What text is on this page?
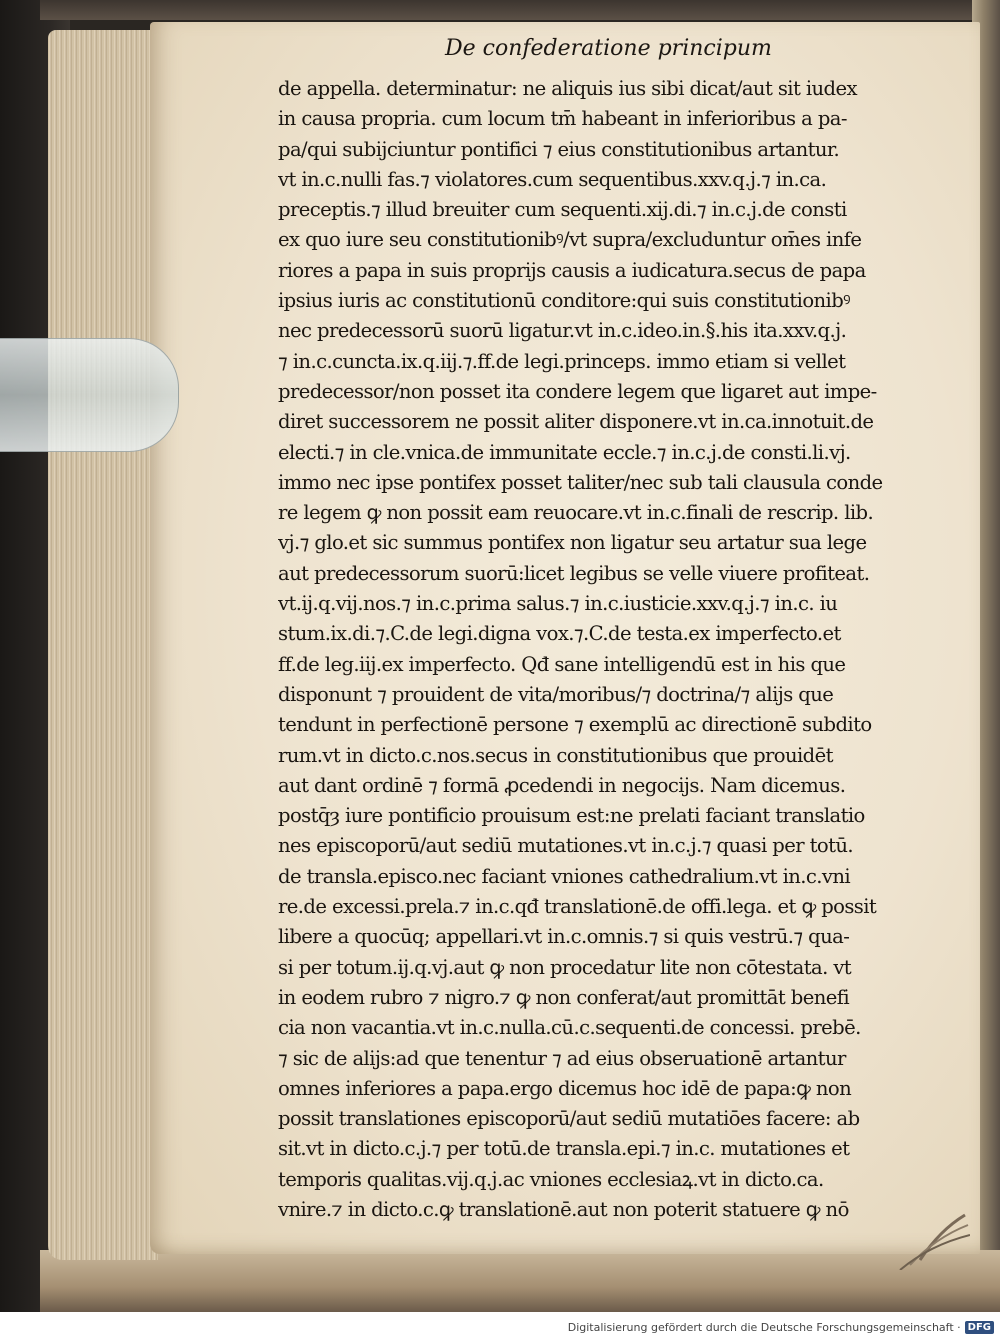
De confederatione principum
de appella. determinatur: ne aliquis ius sibi dicat/aut sit iudex
in causa propria. cum locum tm̄ habeant in inferioribus a pa-
pa/qui subijciuntur pontifici ⁊ eius constitutionibus artantur.
vt in.c.nulli fas.⁊ violatores.cum sequentibus.xxv.q.j.⁊ in.ca.
preceptis.⁊ illud breuiter cum sequenti.xij.di.⁊ in.c.j.de consti
ex quo iure seu constitutionibꝰ/vt supra/excluduntur om̄es infe
riores a papa in suis proprijs causis a iudicatura.secus de papa
ipsius iuris ac constitutionū conditore:qui suis constitutionibꝰ
nec predecessorū suorū ligatur.vt in.c.ideo.in.§.his ita.xxv.q.j.
⁊ in.c.cuncta.ix.q.iij.⁊.ff.de legi.princeps. immo etiam si vellet
predecessor/non posset ita condere legem que ligaret aut impe-
diret successorem ne possit aliter disponere.vt in.ca.innotuit.de
electi.⁊ in cle.vnica.de immunitate eccle.⁊ in.c.j.de consti.li.vj.
immo nec ipse pontifex posset taliter/nec sub tali clausula conde
re legem ꝙ non possit eam reuocare.vt in.c.finali de rescrip. lib.
vj.⁊ glo.et sic summus pontifex non ligatur seu artatur sua lege
aut predecessorum suorū:licet legibus se velle viuere profiteat.
vt.ij.q.vij.nos.⁊ in.c.prima salus.⁊ in.c.iusticie.xxv.q.j.⁊ in.c. iu
stum.ix.di.⁊.C.de legi.digna vox.⁊.C.de testa.ex imperfecto.et
ff.de leg.iij.ex imperfecto. Qđ sane intelligendū est in his que
disponunt ⁊ prouident de vita/moribus/⁊ doctrina/⁊ alijs que
tendunt in perfectionē persone ⁊ exemplū ac directionē subdito
rum.vt in dicto.c.nos.secus in constitutionibus que prouidēt
aut dant ordinē ⁊ formā ꝓcedendi in negocijs. Nam dicemus.
postq̄ȝ iure pontificio prouisum est:ne prelati faciant translatio
nes episcoporū/aut sediū mutationes.vt in.c.j.⁊ quasi per totū.
de transla.episco.nec faciant vniones cathedralium.vt in.c.vni
re.de excessi.prela.⁊ in.c.qđ translationē.de offi.lega. et ꝙ possit
libere a quocūq; appellari.vt in.c.omnis.⁊ si quis vestrū.⁊ qua-
si per totum.ij.q.vj.aut ꝙ non procedatur lite non cōtestata. vt
in eodem rubro ⁊ nigro.⁊ ꝙ non conferat/aut promittāt benefi
cia non vacantia.vt in.c.nulla.cū.c.sequenti.de concessi. prebē.
⁊ sic de alijs:ad que tenentur ⁊ ad eius obseruationē artantur
omnes inferiores a papa.ergo dicemus hoc idē de papa:ꝙ non
possit translationes episcoporū/aut sediū mutatiōes facere: ab
sit.vt in dicto.c.j.⁊ per totū.de transla.epi.⁊ in.c. mutationes et
temporis qualitas.vij.q.j.ac vniones ecclesiaꝝ.vt in dicto.ca.
vnire.⁊ in dicto.c.ꝙ translationē.aut non poterit statuere ꝙ nō
Digitalisierung gefördert durch die Deutsche Forschungsgemeinschaft · DFG
